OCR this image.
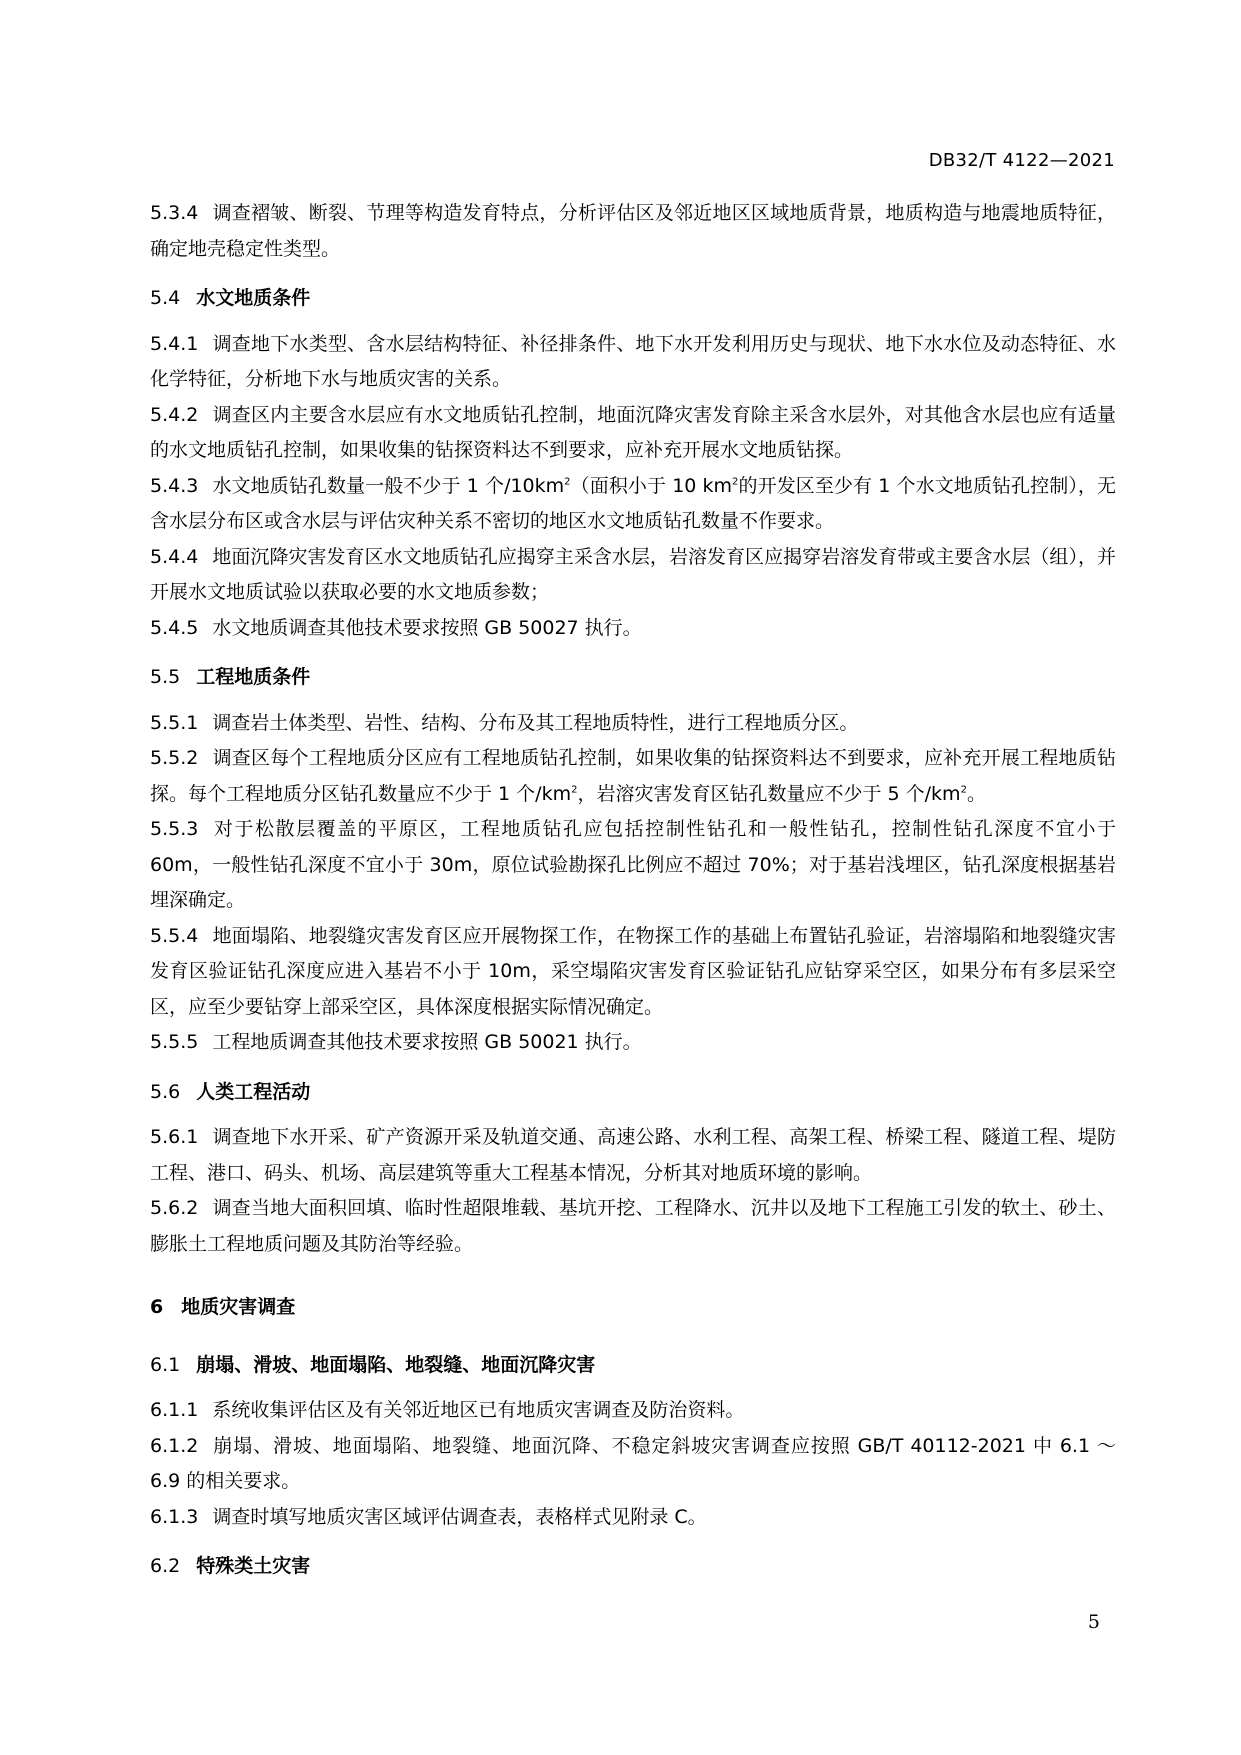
DB32/T 4122—2021

5.3.4 调查褶皱、断裂、节理等构造发育特点，分析评估区及邻近地区区域地质背景，地质构造与地震地质特征，确定地壳稳定性类型。

5.4 水文地质条件

5.4.1 调查地下水类型、含水层结构特征、补径排条件、地下水开发利用历史与现状、地下水水位及动态特征、水化学特征，分析地下水与地质灾害的关系。

5.4.2 调查区内主要含水层应有水文地质钻孔控制，地面沉降灾害发育除主采含水层外，对其他含水层也应有适量的水文地质钻孔控制，如果收集的钻探资料达不到要求，应补充开展水文地质钻探。

5.4.3 水文地质钻孔数量一般不少于 1 个$/10km^2$（面积小于 10 $km^2$的开发区至少有 1 个水文地质钻孔控制），无含水层分布区或含水层与评估灾种关系不密切的地区水文地质钻孔数量不作要求。

5.4.4 地面沉降灾害发育区水文地质钻孔应揭穿主采含水层，岩溶发育区应揭穿岩溶发育带或主要含水层（组），并开展水文地质试验以获取必要的水文地质参数；

5.4.5 水文地质调查其他技术要求按照 GB 50027 执行。

5.5 工程地质条件

5.5.1 调查岩土体类型、岩性、结构、分布及其工程地质特性，进行工程地质分区。

5.5.2 调查区每个工程地质分区应有工程地质钻孔控制，如果收集的钻探资料达不到要求，应补充开展工程地质钻探。每个工程地质分区钻孔数量应不少于 1 个$/km^2$，岩溶灾害发育区钻孔数量应不少于 5 个$/km^2$。

5.5.3 对于松散层覆盖的平原区，工程地质钻孔应包括控制性钻孔和一般性钻孔，控制性钻孔深度不宜小于 60m，一般性钻孔深度不宜小于 30m，原位试验勘探孔比例应不超过 70%；对于基岩浅埋区，钻孔深度根据基岩埋深确定。

5.5.4 地面塌陷、地裂缝灾害发育区应开展物探工作，在物探工作的基础上布置钻孔验证，岩溶塌陷和地裂缝灾害发育区验证钻孔深度应进入基岩不小于 10m，采空塌陷灾害发育区验证钻孔应钻穿采空区，如果分布有多层采空区，应至少要钻穿上部采空区，具体深度根据实际情况确定。

5.5.5 工程地质调查其他技术要求按照 GB 50021 执行。

5.6 人类工程活动

5.6.1 调查地下水开采、矿产资源开采及轨道交通、高速公路、水利工程、高架工程、桥梁工程、隧道工程、堤防工程、港口、码头、机场、高层建筑等重大工程基本情况，分析其对地质环境的影响。

5.6.2 调查当地大面积回填、临时性超限堆载、基坑开挖、工程降水、沉井以及地下工程施工引发的软土、砂土、膨胀土工程地质问题及其防治等经验。

6 地质灾害调查
6.1 崩塌、滑坡、地面塌陷、地裂缝、地面沉降灾害

6.1.1 系统收集评估区及有关邻近地区已有地质灾害调查及防治资料。

6.1.2 崩塌、滑坡、地面塌陷、地裂缝、地面沉降、不稳定斜坡灾害调查应按照 GB/T 40112-2021 中 6.1 ～ 6.9 的相关要求。

6.1.3 调查时填写地质灾害区域评估调查表，表格样式见附录 C。

6.2 特殊类土灾害
5
